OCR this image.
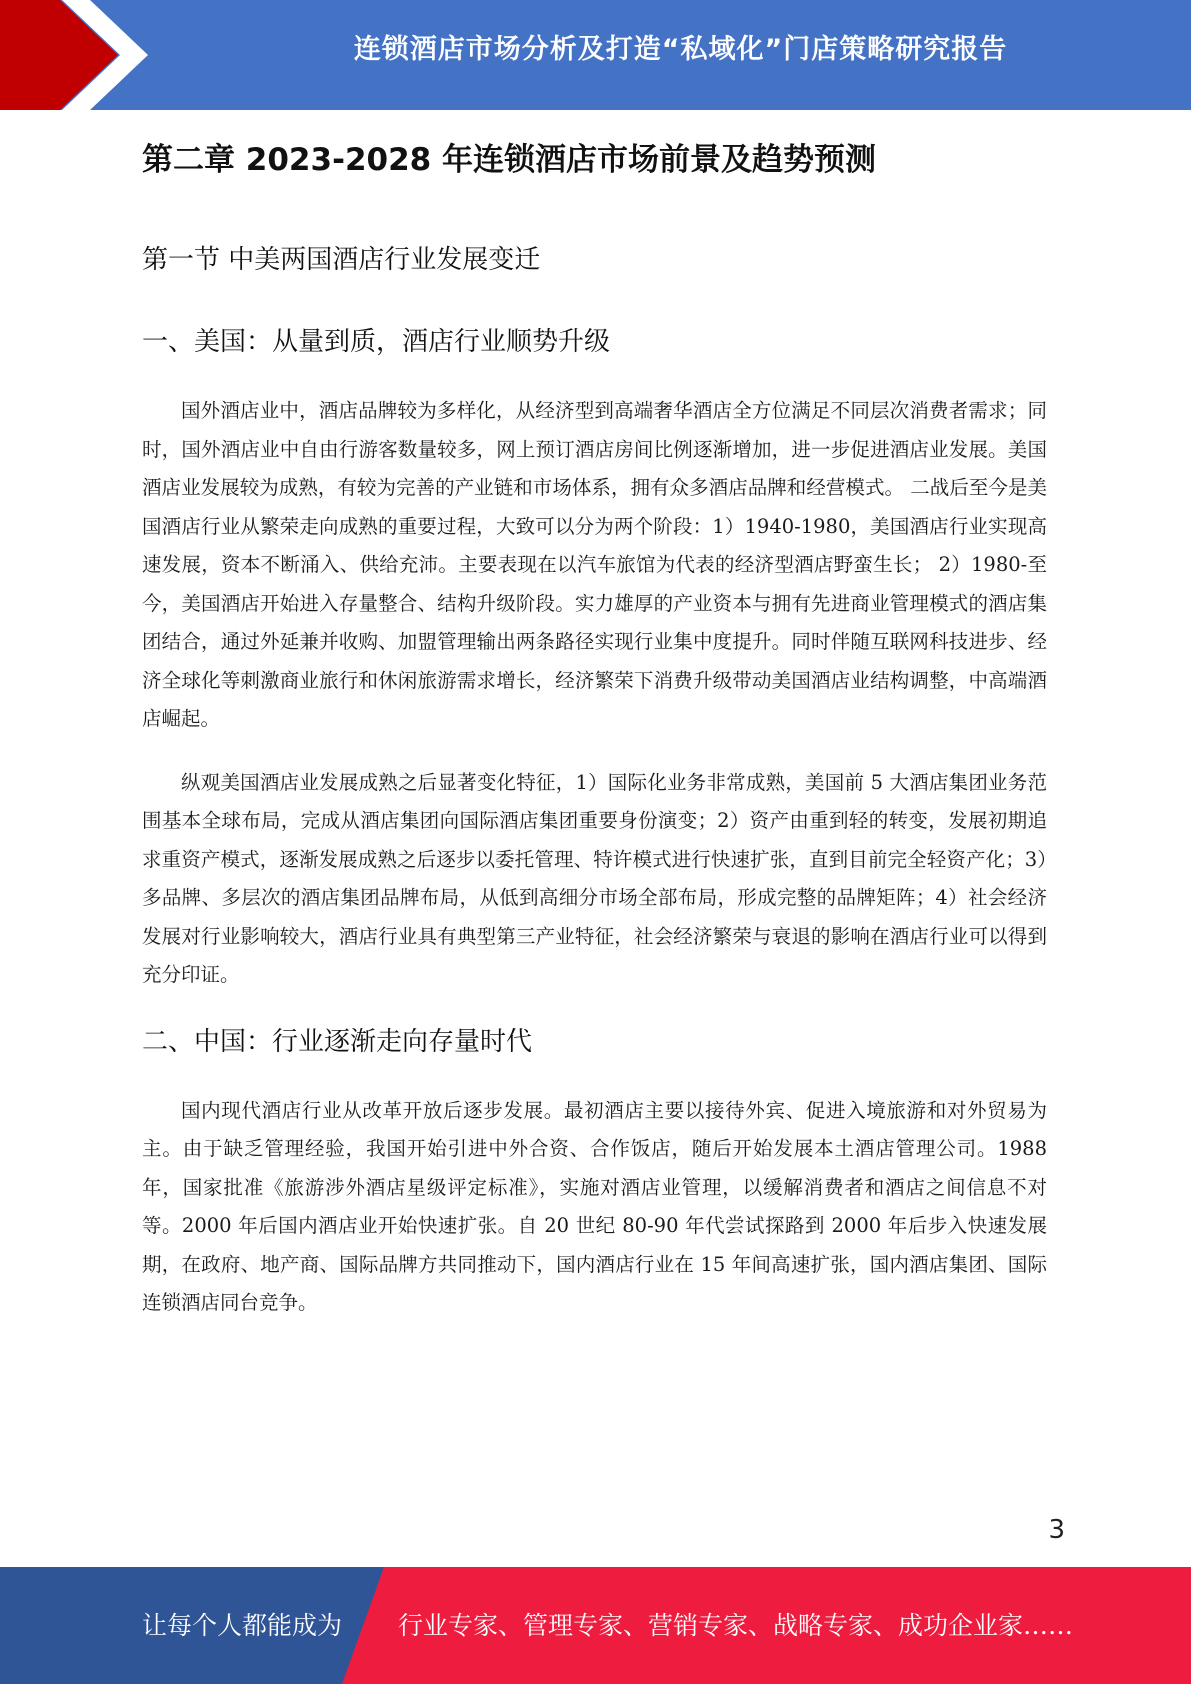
连锁酒店市场分析及打造“私域化”门店策略研究报告
第二章 2023-2028 年连锁酒店市场前景及趋势预测
第一节 中美两国酒店行业发展变迁
一、美国：从量到质，酒店行业顺势升级

国外酒店业中，酒店品牌较为多样化，从经济型到高端奢华酒店全方位满足不同层次消费者需求；同时，国外酒店业中自由行游客数量较多，网上预订酒店房间比例逐渐增加，进一步促进酒店业发展。美国酒店业发展较为成熟，有较为完善的产业链和市场体系，拥有众多酒店品牌和经营模式。 二战后至今是美国酒店行业从繁荣走向成熟的重要过程，大致可以分为两个阶段：1）1940-1980，美国酒店行业实现高速发展，资本不断涌入、供给充沛。主要表现在以汽车旅馆为代表的经济型酒店野蛮生长； 2）1980-至今，美国酒店开始进入存量整合、结构升级阶段。实力雄厚的产业资本与拥有先进商业管理模式的酒店集团结合，通过外延兼并收购、加盟管理输出两条路径实现行业集中度提升。同时伴随互联网科技进步、经济全球化等刺激商业旅行和休闲旅游需求增长，经济繁荣下消费升级带动美国酒店业结构调整，中高端酒店崛起。

纵观美国酒店业发展成熟之后显著变化特征，1）国际化业务非常成熟，美国前 5 大酒店集团业务范围基本全球布局，完成从酒店集团向国际酒店集团重要身份演变；2）资产由重到轻的转变，发展初期追求重资产模式，逐渐发展成熟之后逐步以委托管理、特许模式进行快速扩张，直到目前完全轻资产化；3）多品牌、多层次的酒店集团品牌布局，从低到高细分市场全部布局，形成完整的品牌矩阵；4）社会经济发展对行业影响较大，酒店行业具有典型第三产业特征，社会经济繁荣与衰退的影响在酒店行业可以得到充分印证。

二、中国：行业逐渐走向存量时代

国内现代酒店行业从改革开放后逐步发展。最初酒店主要以接待外宾、促进入境旅游和对外贸易为主。由于缺乏管理经验，我国开始引进中外合资、合作饭店，随后开始发展本土酒店管理公司。1988 年，国家批准《旅游涉外酒店星级评定标准》，实施对酒店业管理，以缓解消费者和酒店之间信息不对等。2000 年后国内酒店业开始快速扩张。自 20 世纪 80-90 年代尝试探路到 2000 年后步入快速发展期，在政府、地产商、国际品牌方共同推动下，国内酒店行业在 15 年间高速扩张，国内酒店集团、国际连锁酒店同台竞争。

3
让每个人都能成为 行业专家、管理专家、营销专家、战略专家、成功企业家……
